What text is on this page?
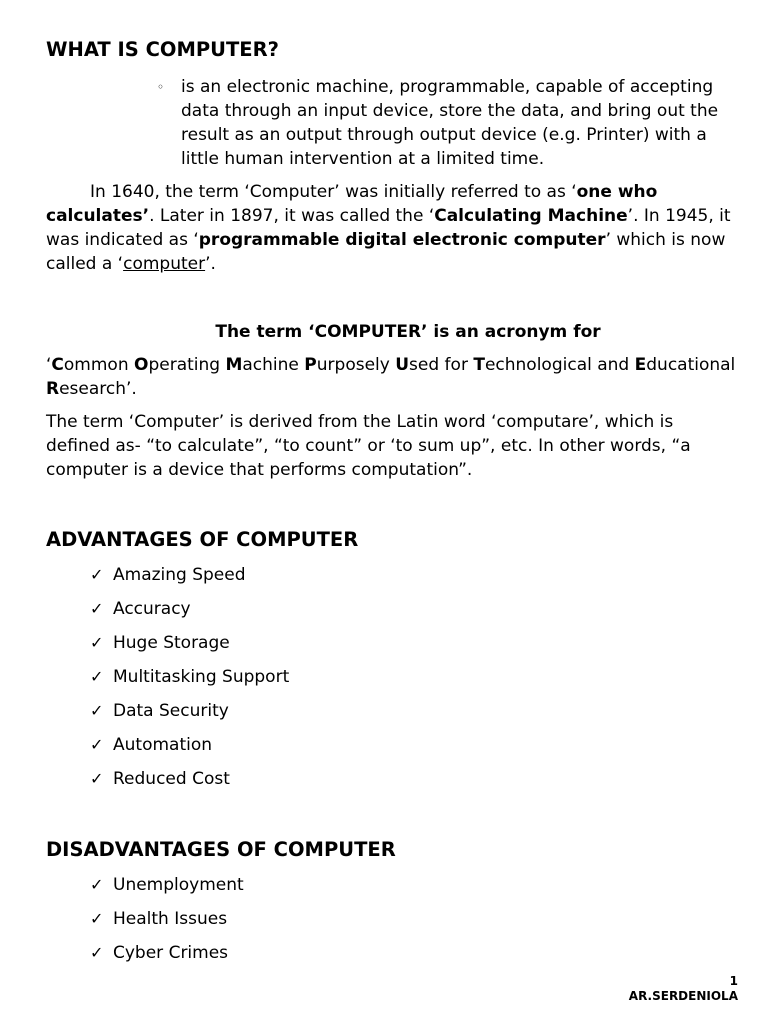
WHAT IS COMPUTER?
◦ is an electronic machine, programmable, capable of accepting data through an input device, store the data, and bring out the result as an output through output device (e.g. Printer) with a little human intervention at a limited time.

In 1640, the term ‘Computer’ was initially referred to as ‘one who calculates’. Later in 1897, it was called the ‘Calculating Machine’. In 1945, it was indicated as ‘programmable digital electronic computer’ which is now called a ‘computer’.

The term ‘COMPUTER’ is an acronym for

‘Common Operating Machine Purposely Used for Technological and Educational Research’.

The term ‘Computer’ is derived from the Latin word ‘computare’, which is defined as- “to calculate”, “to count” or ‘to sum up”, etc. In other words, “a computer is a device that performs computation”.

ADVANTAGES OF COMPUTER
✓ Amazing Speed
✓ Accuracy
✓ Huge Storage
✓ Multitasking Support
✓ Data Security
✓ Automation
✓ Reduced Cost
DISADVANTAGES OF COMPUTER
✓ Unemployment
✓ Health Issues
✓ Cyber Crimes
1
AR.SERDENIOLA
